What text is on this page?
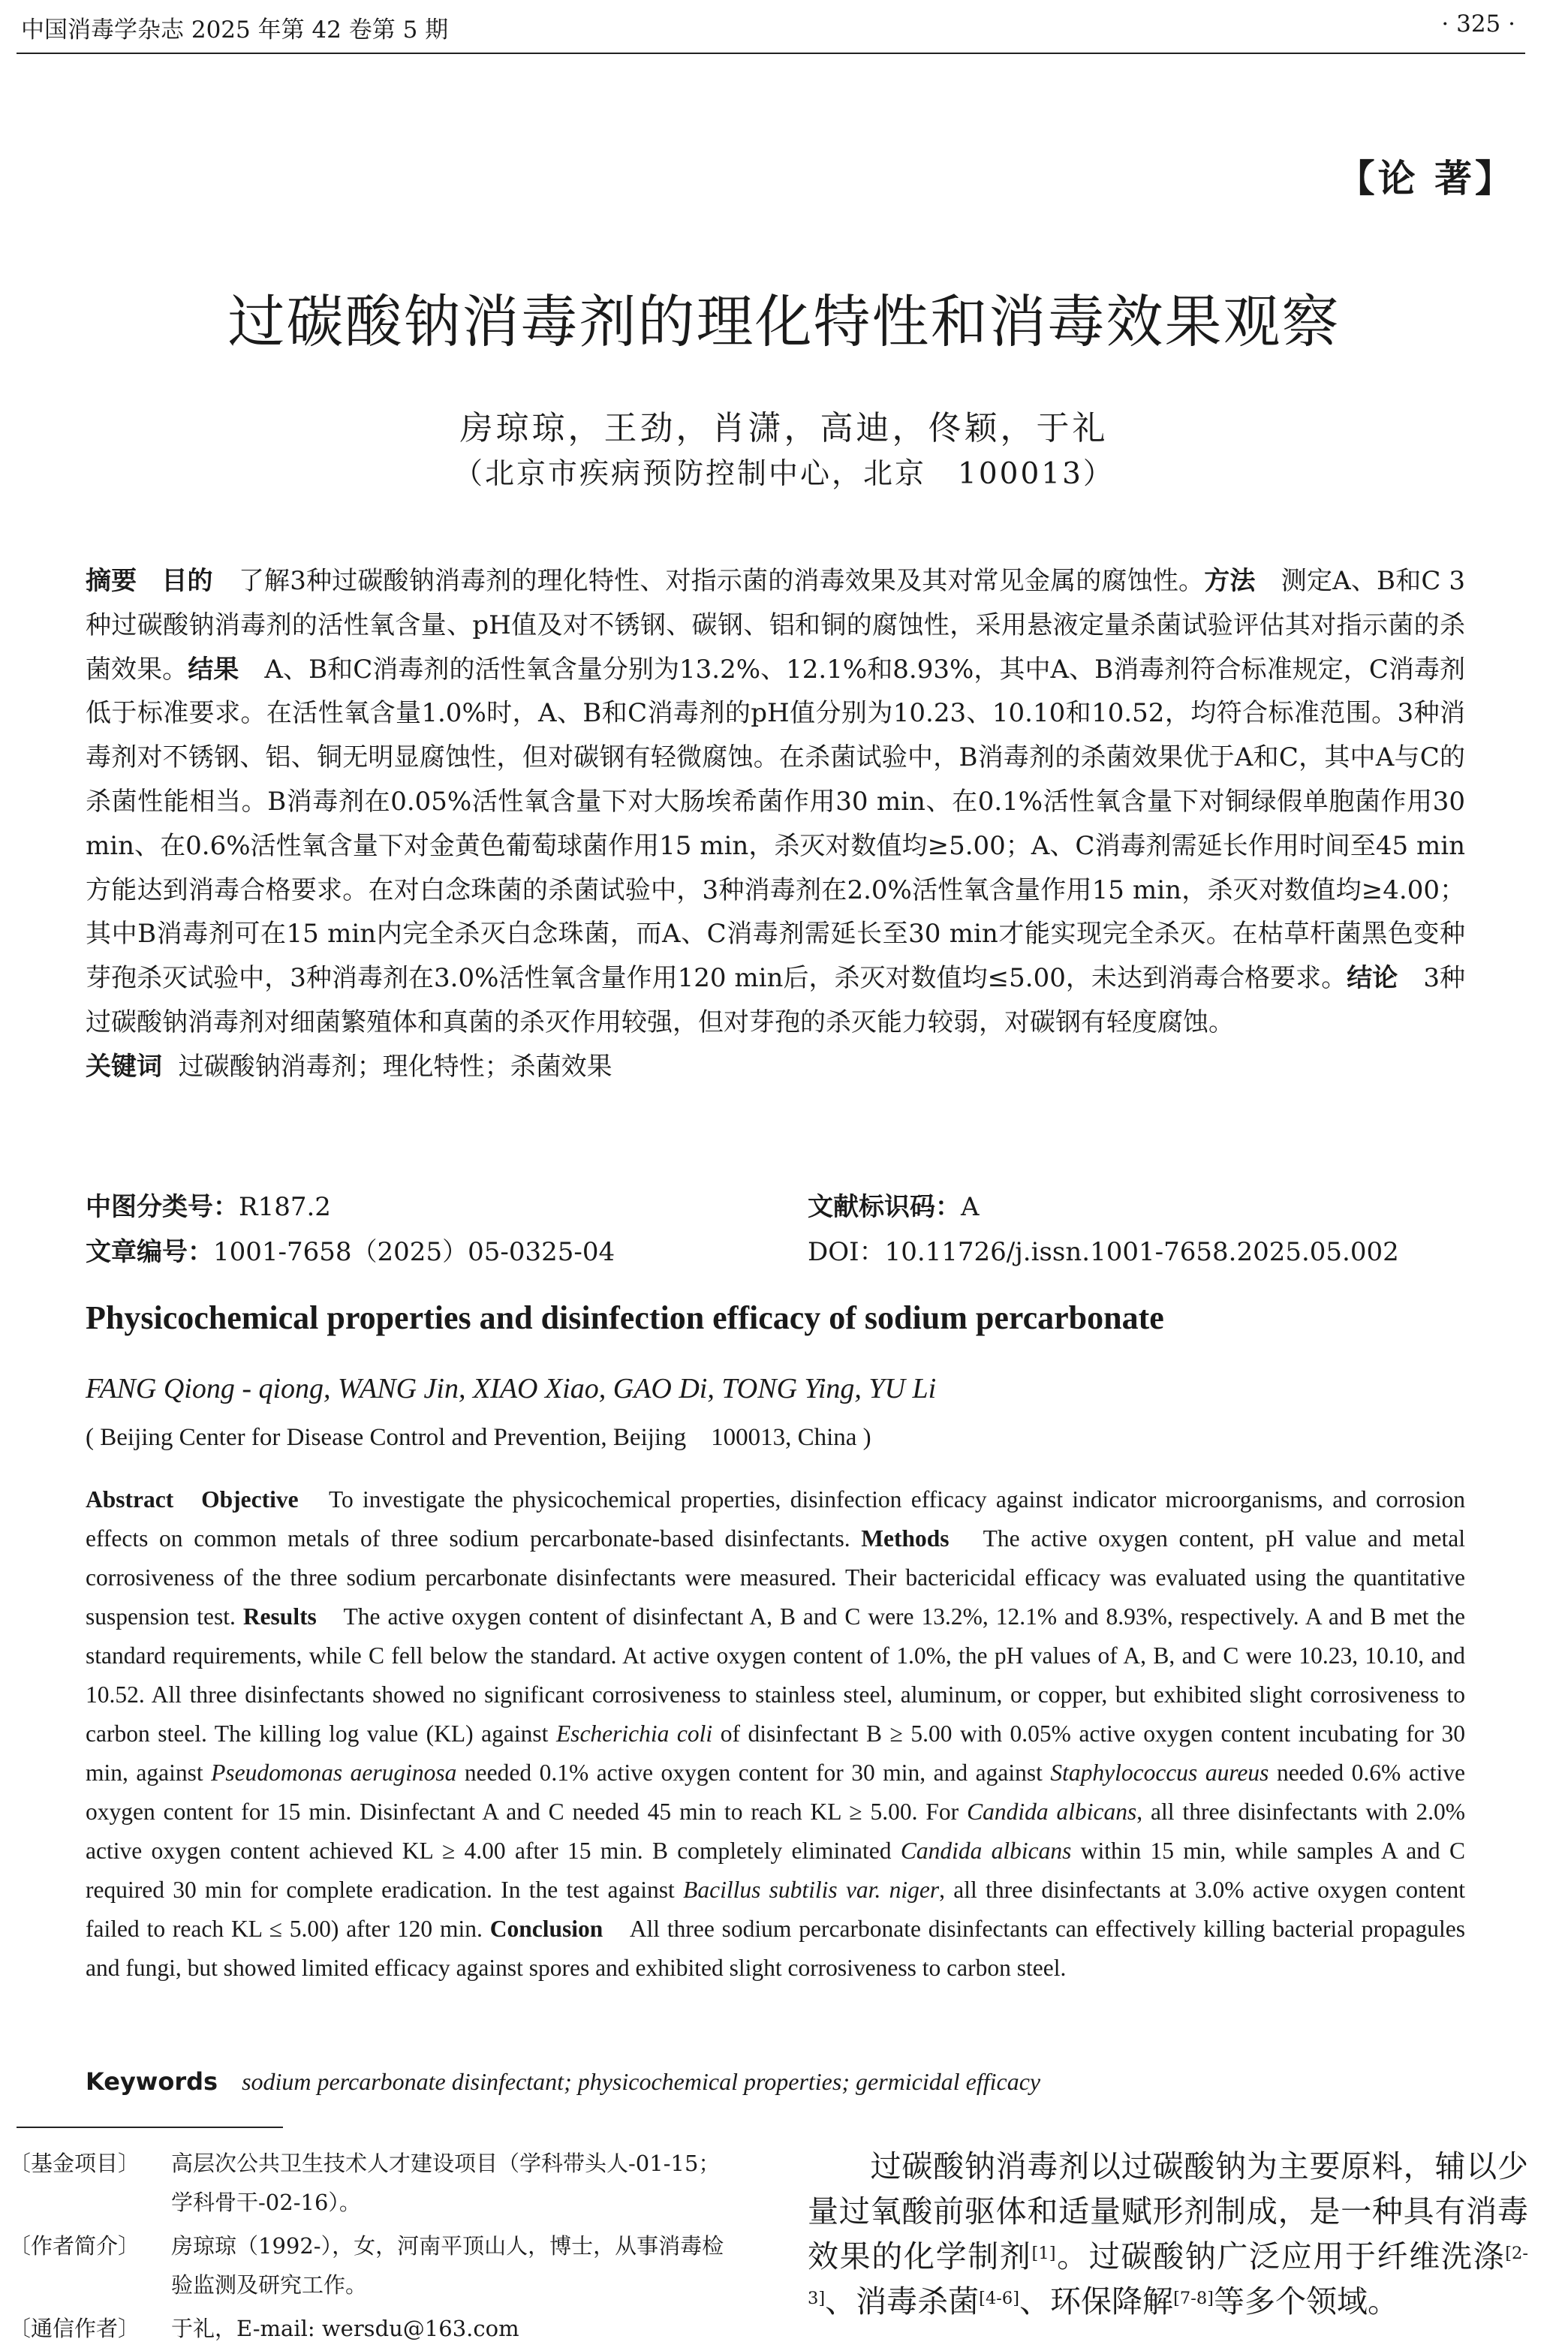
中国消毒学杂志 2025 年第 42 卷第 5 期	· 325 ·
【论 著】
过碳酸钠消毒剂的理化特性和消毒效果观察
房琼琼，王劲，肖潇，高迪，佟颖，于礼
（北京市疾病预防控制中心，北京　100013）
摘要 目的　了解3种过碳酸钠消毒剂的理化特性、对指示菌的消毒效果及其对常见金属的腐蚀性。方法　测定A、B和C 3种过碳酸钠消毒剂的活性氧含量、pH值及对不锈钢、碳钢、铝和铜的腐蚀性，采用悬液定量杀菌试验评估其对指示菌的杀菌效果。结果　A、B和C消毒剂的活性氧含量分别为13.2%、12.1%和8.93%，其中A、B消毒剂符合标准规定，C消毒剂低于标准要求。在活性氧含量1.0%时，A、B和C消毒剂的pH值分别为10.23、10.10和10.52，均符合标准范围。3种消毒剂对不锈钢、铝、铜无明显腐蚀性，但对碳钢有轻微腐蚀。在杀菌试验中，B消毒剂的杀菌效果优于A和C，其中A与C的杀菌性能相当。B消毒剂在0.05%活性氧含量下对大肠埃希菌作用30 min、在0.1%活性氧含量下对铜绿假单胞菌作用30 min、在0.6%活性氧含量下对金黄色葡萄球菌作用15 min，杀灭对数值均≥5.00；A、C消毒剂需延长作用时间至45 min方能达到消毒合格要求。在对白念珠菌的杀菌试验中，3种消毒剂在2.0%活性氧含量作用15 min，杀灭对数值均≥4.00；其中B消毒剂可在15 min内完全杀灭白念珠菌，而A、C消毒剂需延长至30 min才能实现完全杀灭。在枯草杆菌黑色变种芽孢杀灭试验中，3种消毒剂在3.0%活性氧含量作用120 min后，杀灭对数值均≤5.00，未达到消毒合格要求。结论　3种过碳酸钠消毒剂对细菌繁殖体和真菌的杀灭作用较强，但对芽孢的杀灭能力较弱，对碳钢有轻度腐蚀。
关键词 过碳酸钠消毒剂；理化特性；杀菌效果
中图分类号：R187.2	文献标识码：A
文章编号：1001-7658（2025）05-0325-04	DOI：10.11726/j.issn.1001-7658.2025.05.002
Physicochemical properties and disinfection efficacy of sodium percarbonate
FANG Qiong - qiong, WANG Jin, XIAO Xiao, GAO Di, TONG Ying, YU Li
( Beijing Center for Disease Control and Prevention, Beijing　100013, China )
Abstract Objective　To investigate the physicochemical properties, disinfection efficacy against indicator microorganisms, and corrosion effects on common metals of three sodium percarbonate-based disinfectants. Methods　The active oxygen content, pH value and metal corrosiveness of the three sodium percarbonate disinfectants were measured. Their bactericidal efficacy was evaluated using the quantitative suspension test. Results　The active oxygen content of disinfectant A, B and C were 13.2%, 12.1% and 8.93%, respectively. A and B met the standard requirements, while C fell below the standard. At active oxygen content of 1.0%, the pH values of A, B, and C were 10.23, 10.10, and 10.52. All three disinfectants showed no significant corrosiveness to stainless steel, aluminum, or copper, but exhibited slight corrosiveness to carbon steel. The killing log value (KL) against Escherichia coli of disinfectant B ≥ 5.00 with 0.05% active oxygen content incubating for 30 min, against Pseudomonas aeruginosa needed 0.1% active oxygen content for 30 min, and against Staphylococcus aureus needed 0.6% active oxygen content for 15 min. Disinfectant A and C needed 45 min to reach KL ≥ 5.00. For Candida albicans, all three disinfectants with 2.0% active oxygen content achieved KL ≥ 4.00 after 15 min. B completely eliminated Candida albicans within 15 min, while samples A and C required 30 min for complete eradication. In the test against Bacillus subtilis var. niger, all three disinfectants at 3.0% active oxygen content failed to reach KL ≤ 5.00) after 120 min. Conclusion　All three sodium percarbonate disinfectants can effectively killing bacterial propagules and fungi, but showed limited efficacy against spores and exhibited slight corrosiveness to carbon steel.
Keywords sodium percarbonate disinfectant; physicochemical properties; germicidal efficacy
〔基金项目〕	高层次公共卫生技术人才建设项目（学科带头人-01-15；学科骨干-02-16）。
〔作者简介〕	房琼琼（1992-），女，河南平顶山人，博士，从事消毒检验监测及研究工作。
〔通信作者〕	于礼，E-mail: wersdu@163.com
　　过碳酸钠消毒剂以过碳酸钠为主要原料，辅以少量过氧酸前驱体和适量赋形剂制成，是一种具有消毒效果的化学制剂[1]。过碳酸钠广泛应用于纤维洗涤[2-3]、消毒杀菌[4-6]、环保降解[7-8]等多个领域。
